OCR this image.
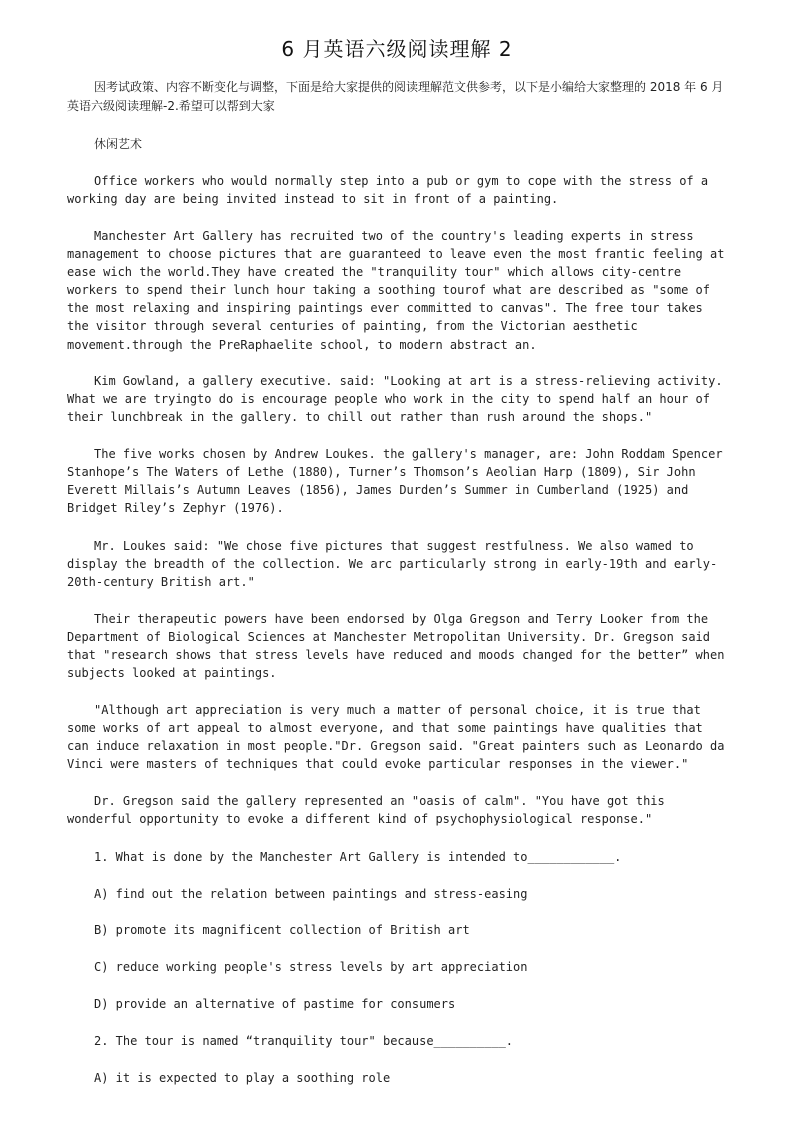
6 月英语六级阅读理解 2

因考试政策、内容不断变化与调整，下面是给大家提供的阅读理解范文供参考，以下是小编给大家整理的 2018 年 6 月英语六级阅读理解-2.希望可以帮到大家

休闲艺术

Office workers who would normally step into a pub or gym to cope with the stress of a working day are being invited instead to sit in front of a painting.

Manchester Art Gallery has recruited two of the country's leading experts in stress management to choose pictures that are guaranteed to leave even the most frantic feeling at ease wich the world.They have created the "tranquility tour" which allows city-centre workers to spend their lunch hour taking a soothing tourof what are described as "some of the most relaxing and inspiring paintings ever committed to canvas". The free tour takes the visitor through several centuries of painting, from the Victorian aesthetic movement.through the PreRaphaelite school, to modern abstract an.

Kim Gowland, a gallery executive. said: "Looking at art is a stress-relieving activity. What we are tryingto do is encourage people who work in the city to spend half an hour of their lunchbreak in the gallery. to chill out rather than rush around the shops."

The five works chosen by Andrew Loukes. the gallery's manager, are: John Roddam Spencer Stanhope’s The Waters of Lethe (1880), Turner’s Thomson’s Aeolian Harp (1809), Sir John Everett Millais’s Autumn Leaves (1856), James Durden’s Summer in Cumberland (1925) and Bridget Riley’s Zephyr (1976).

Mr. Loukes said: "We chose five pictures that suggest restfulness. We also wamed to display the breadth of the collection. We arc particularly strong in early-19th and early-20th-century British art."

Their therapeutic powers have been endorsed by Olga Gregson and Terry Looker from the Department of Biological Sciences at Manchester Metropolitan University. Dr. Gregson said that "research shows that stress levels have reduced and moods changed for the better” when subjects looked at paintings.

"Although art appreciation is very much a matter of personal choice, it is true that some works of art appeal to almost everyone, and that some paintings have qualities that can induce relaxation in most people."Dr. Gregson said. "Great painters such as Leonardo da Vinci were masters of techniques that could evoke particular responses in the viewer."

Dr. Gregson said the gallery represented an "oasis of calm". "You have got this wonderful opportunity to evoke a different kind of psychophysiological response."

1. What is done by the Manchester Art Gallery is intended to____________.

A) find out the relation between paintings and stress-easing

B) promote its magnificent collection of British art

C) reduce working people's stress levels by art appreciation

D) provide an alternative of pastime for consumers

2. The tour is named “tranquility tour" because__________.

A) it is expected to play a soothing role
